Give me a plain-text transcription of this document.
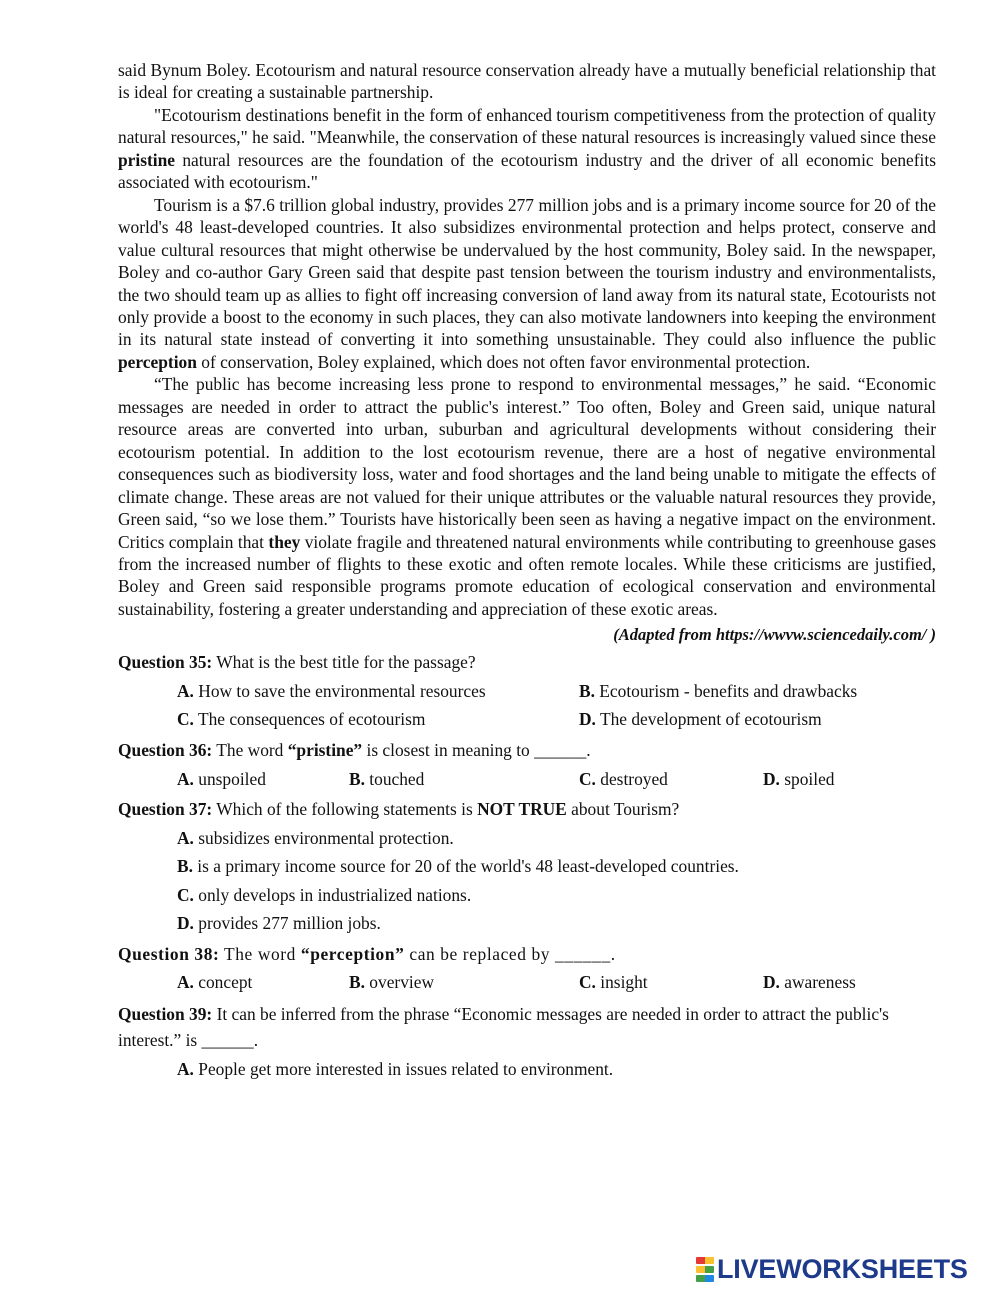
said Bynum Boley. Ecotourism and natural resource conservation already have a mutually beneficial relationship that is ideal for creating a sustainable partnership.

"Ecotourism destinations benefit in the form of enhanced tourism competitiveness from the protection of quality natural resources," he said. "Meanwhile, the conservation of these natural resources is increasingly valued since these pristine natural resources are the foundation of the ecotourism industry and the driver of all economic benefits associated with ecotourism."

Tourism is a $7.6 trillion global industry, provides 277 million jobs and is a primary income source for 20 of the world's 48 least-developed countries. It also subsidizes environmental protection and helps protect, conserve and value cultural resources that might otherwise be undervalued by the host community, Boley said. In the newspaper, Boley and co-author Gary Green said that despite past tension between the tourism industry and environmentalists, the two should team up as allies to fight off increasing conversion of land away from its natural state, Ecotourists not only provide a boost to the economy in such places, they can also motivate landowners into keeping the environment in its natural state instead of converting it into something unsustainable. They could also influence the public perception of conservation, Boley explained, which does not often favor environmental protection.

“The public has become increasing less prone to respond to environmental messages,” he said. “Economic messages are needed in order to attract the public's interest.” Too often, Boley and Green said, unique natural resource areas are converted into urban, suburban and agricultural developments without considering their ecotourism potential. In addition to the lost ecotourism revenue, there are a host of negative environmental consequences such as biodiversity loss, water and food shortages and the land being unable to mitigate the effects of climate change. These areas are not valued for their unique attributes or the valuable natural resources they provide, Green said, “so we lose them.” Tourists have historically been seen as having a negative impact on the environment. Critics complain that they violate fragile and threatened natural environments while contributing to greenhouse gases from the increased number of flights to these exotic and often remote locales. While these criticisms are justified, Boley and Green said responsible programs promote education of ecological conservation and environmental sustainability, fostering a greater understanding and appreciation of these exotic areas.

(Adapted from https://wwvw.sciencedaily.com/ )
Question 35: What is the best title for the passage?
A. How to save the environmental resources	B. Ecotourism - benefits and drawbacks
C. The consequences of ecotourism	D. The development of ecotourism
Question 36: The word “pristine” is closest in meaning to ______.
A. unspoiled	B. touched	C. destroyed	D. spoiled
Question 37: Which of the following statements is NOT TRUE about Tourism?
A. subsidizes environmental protection.
B. is a primary income source for 20 of the world's 48 least-developed countries.
C. only develops in industrialized nations.
D. provides 277 million jobs.
Question 38: The word “perception” can be replaced by ______.
A. concept	B. overview	C. insight	D. awareness
Question 39: It can be inferred from the phrase “Economic messages are needed in order to attract the public's interest.” is ______.
A. People get more interested in issues related to environment.
LIVEWORKSHEETS
